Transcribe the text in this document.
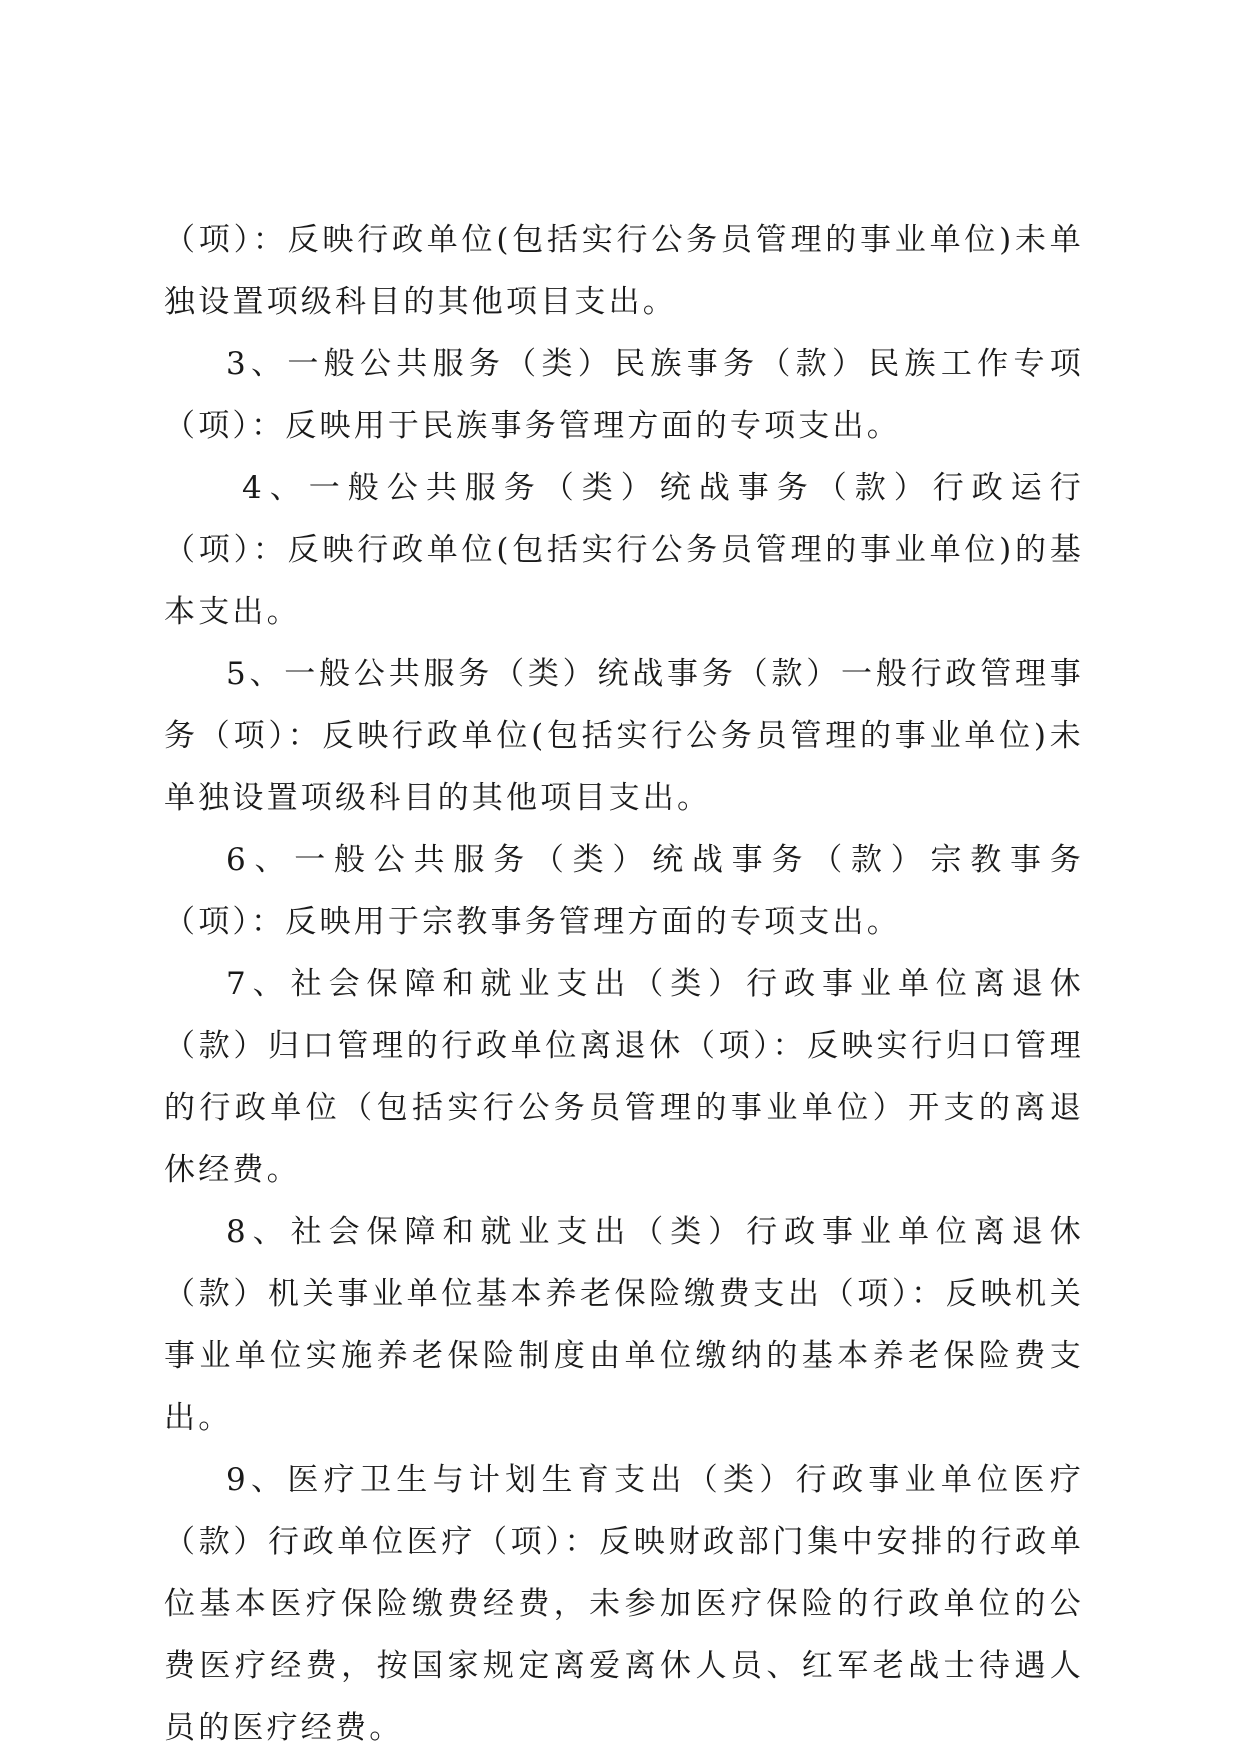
（项）：反映行政单位(包括实行公务员管理的事业单位)未单独设置项级科目的其他项目支出。

3、一般公共服务（类）民族事务（款）民族工作专项（项）：反映用于民族事务管理方面的专项支出。

4、一般公共服务（类）统战事务（款）行政运行（项）：反映行政单位(包括实行公务员管理的事业单位)的基本支出。

5、一般公共服务（类）统战事务（款）一般行政管理事务（项）：反映行政单位(包括实行公务员管理的事业单位)未单独设置项级科目的其他项目支出。

6、一般公共服务（类）统战事务（款）宗教事务（项）：反映用于宗教事务管理方面的专项支出。

7、社会保障和就业支出（类）行政事业单位离退休（款）归口管理的行政单位离退休（项）：反映实行归口管理的行政单位（包括实行公务员管理的事业单位）开支的离退休经费。

8、社会保障和就业支出（类）行政事业单位离退休（款）机关事业单位基本养老保险缴费支出（项）：反映机关事业单位实施养老保险制度由单位缴纳的基本养老保险费支出。

9、医疗卫生与计划生育支出（类）行政事业单位医疗（款）行政单位医疗（项）：反映财政部门集中安排的行政单位基本医疗保险缴费经费，未参加医疗保险的行政单位的公费医疗经费，按国家规定离爱离休人员、红军老战士待遇人员的医疗经费。
